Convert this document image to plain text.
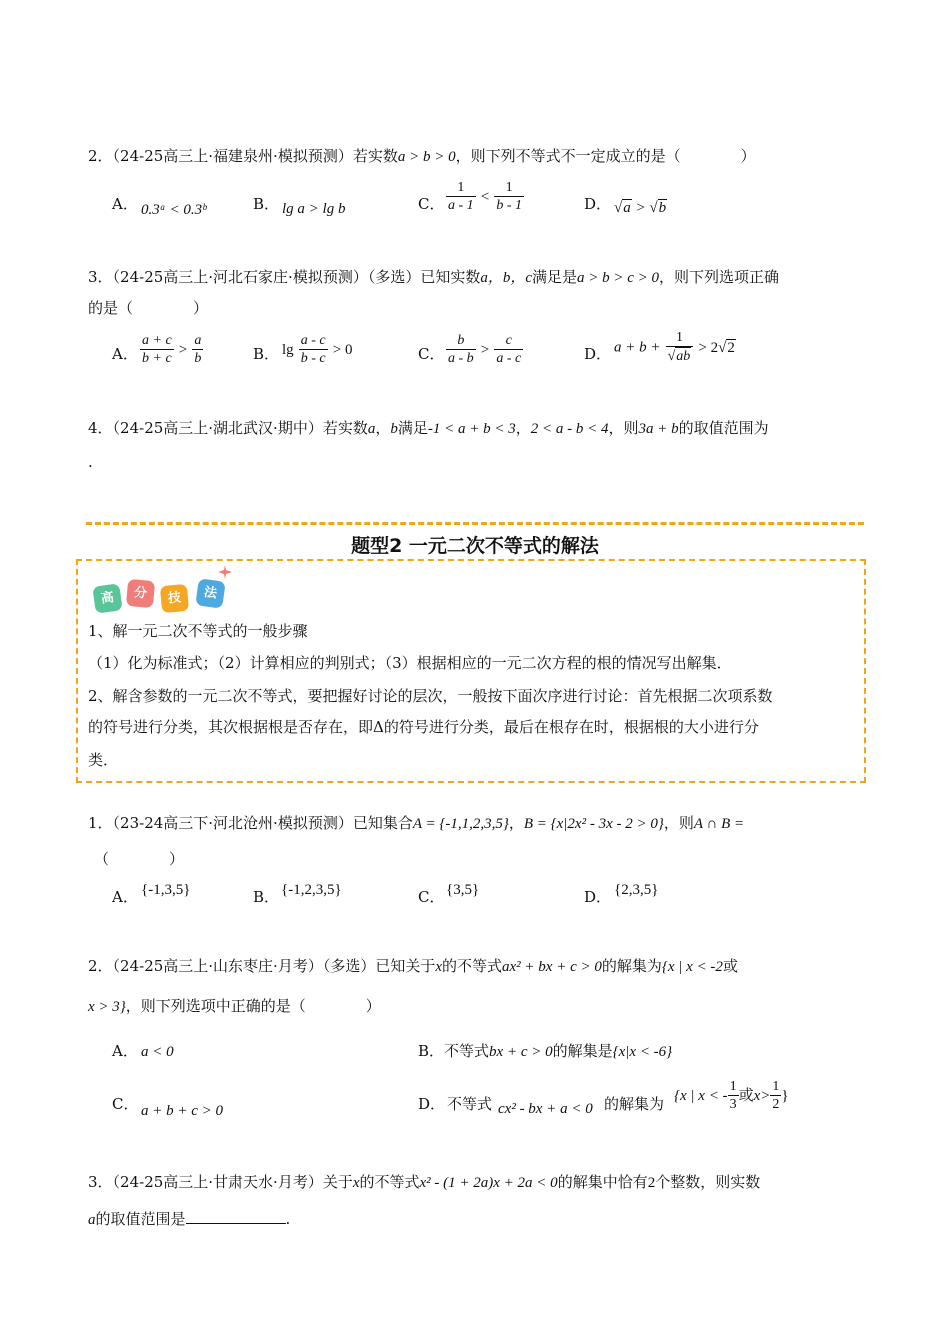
2．（24-25高三上·福建泉州·模拟预测）若实数a > b > 0，则下列不等式不一定成立的是（　　　　）
A． 0.3ᵃ < 0.3ᵇ	B． lg a > lg b	C． $\frac{1}{a - 1} < \frac{1}{b - 1}$	D． √a > √b
3．（24-25高三上·河北石家庄·模拟预测）（多选）已知实数a，b，c满足是a > b > c > 0，则下列选项正确
的是（　　　　）
A． $\frac{a + c}{b + c} > \frac{a}{b}$	B． $\lg \frac{a - c}{b - c} > 0$	C． $\frac{b}{a - b} > \frac{c}{a - c}$	D． $a + b + \frac{1}{√ab} > 2√2$
4．（24-25高三上·湖北武汉·期中）若实数a，b满足-1 < a + b < 3，2 < a - b < 4，则3a + b的取值范围为
.
题型2 一元二次不等式的解法
高	分	技	法
1、解一元二次不等式的一般步骤
（1）化为标准式；（2）计算相应的判别式；（3）根据相应的一元二次方程的根的情况写出解集．
2、解含参数的一元二次不等式，要把握好讨论的层次，一般按下面次序进行讨论：首先根据二次项系数
的符号进行分类，其次根据根是否存在，即Δ的符号进行分类，最后在根存在时，根据根的大小进行分
类．
1．（23-24高三下·河北沧州·模拟预测）已知集合A = {-1,1,2,3,5}，B = {x|2x² - 3x - 2 > 0}，则A ∩ B =
（　　　　）
A． {-1,3,5}	B． {-1,2,3,5}	C． {3,5}	D． {2,3,5}
2．（24-25高三上·山东枣庄·月考）（多选）已知关于x的不等式ax² + bx + c > 0的解集为{x | x < -2或
x > 3}，则下列选项中正确的是（　　　　）
A． a < 0	B．不等式bx + c > 0的解集是{x|x < -6}
C． a + b + c > 0	D． 不等式 cx² - bx + a < 0 的解集为 {x | x < - $\frac{1}{3}$ 或$x> \frac{1}{2}$ }
3．（24-25高三上·甘肃天水·月考）关于x的不等式x² - (1 + 2a)x + 2a < 0的解集中恰有2个整数，则实数
a的取值范围是	.
